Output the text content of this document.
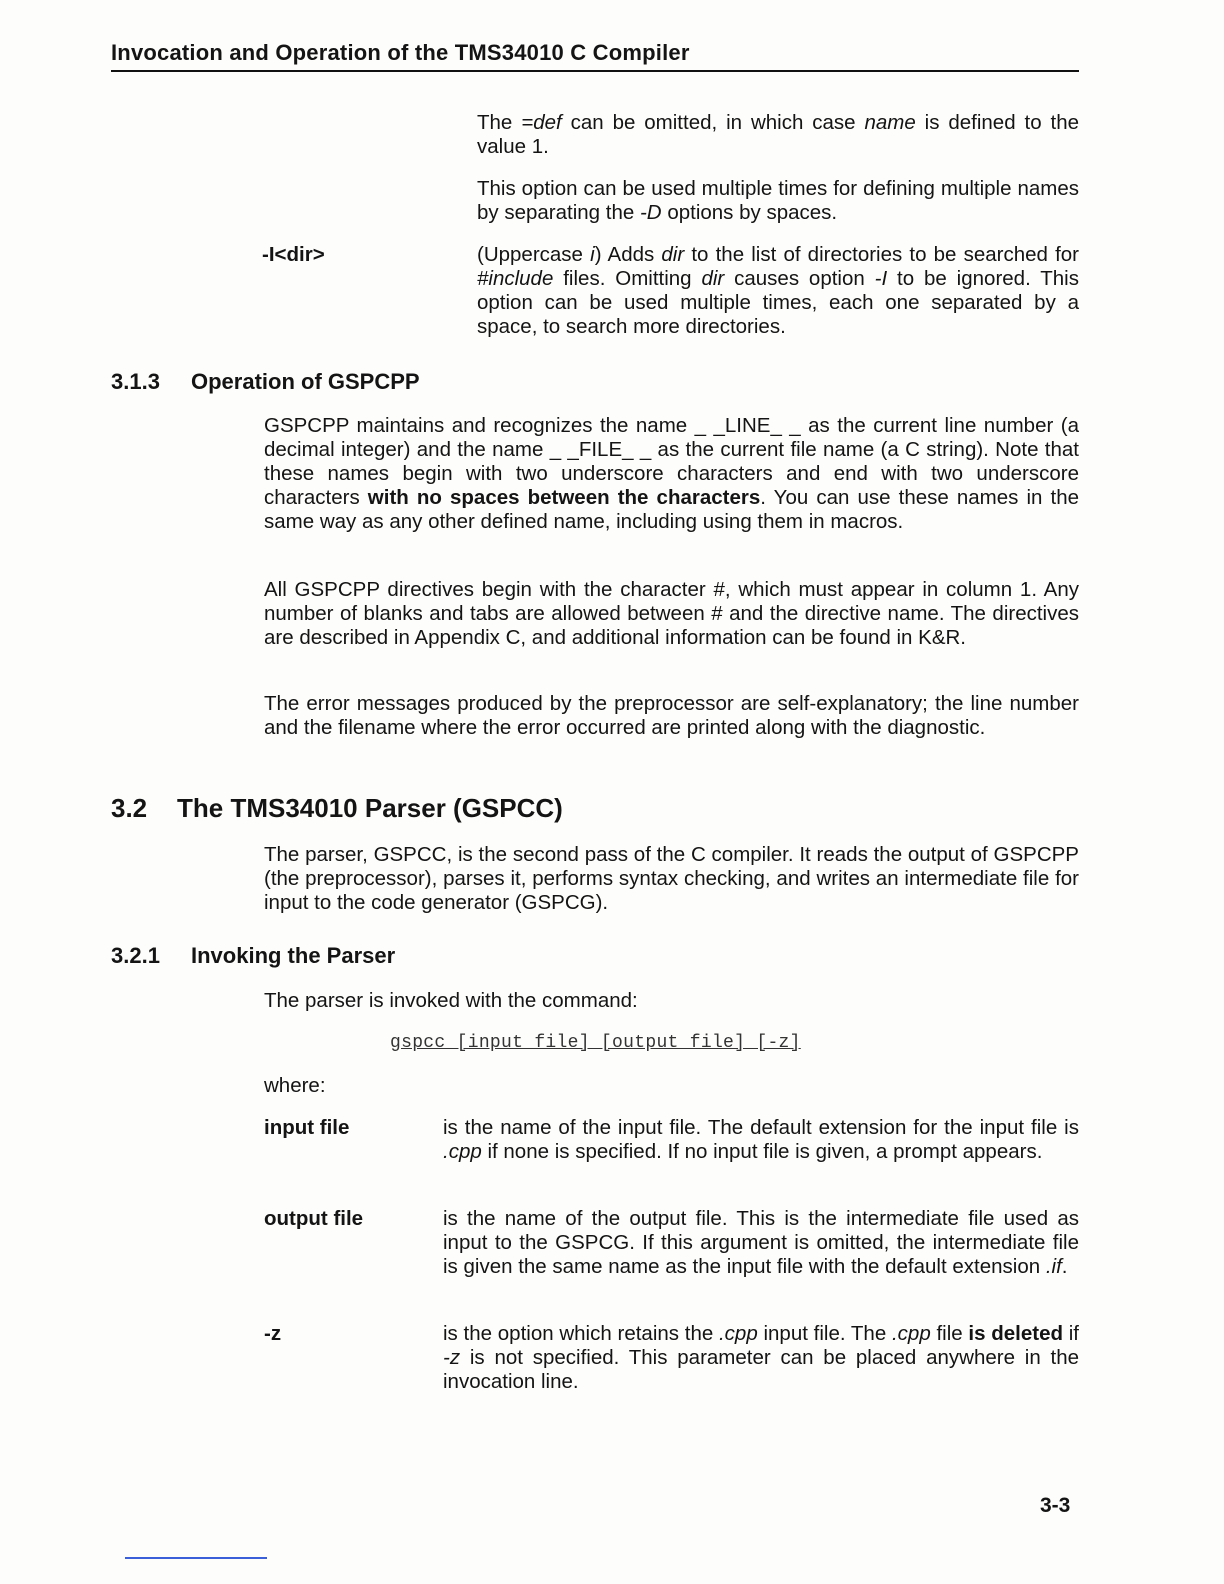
Invocation and Operation of the TMS34010 C Compiler

The =def can be omitted, in which case name is defined to the value 1.

This option can be used multiple times for defining multiple names by separating the -D options by spaces.

-I<dir>	(Uppercase i) Adds dir to the list of directories to be searched for #include files. Omitting dir causes option -I to be ignored. This option can be used multiple times, each one separated by a space, to search more directories.

3.1.3 Operation of GSPCPP

GSPCPP maintains and recognizes the name _ _LINE_ _ as the current line number (a decimal integer) and the name _ _FILE_ _ as the current file name (a C string). Note that these names begin with two underscore characters and end with two underscore characters with no spaces between the characters. You can use these names in the same way as any other defined name, including using them in macros.

All GSPCPP directives begin with the character #, which must appear in column 1. Any number of blanks and tabs are allowed between # and the directive name. The directives are described in Appendix C, and additional information can be found in K&R.

The error messages produced by the preprocessor are self-explanatory; the line number and the filename where the error occurred are printed along with the diagnostic.

3.2 The TMS34010 Parser (GSPCC)

The parser, GSPCC, is the second pass of the C compiler. It reads the output of GSPCPP (the preprocessor), parses it, performs syntax checking, and writes an intermediate file for input to the code generator (GSPCG).

3.2.1 Invoking the Parser

The parser is invoked with the command:

gspcc [input file] [output file] [-z]

where:

input file	is the name of the input file. The default extension for the input file is .cpp if none is specified. If no input file is given, a prompt appears.

output file	is the name of the output file. This is the intermediate file used as input to the GSPCG. If this argument is omitted, the intermediate file is given the same name as the input file with the default extension .if.

-z	is the option which retains the .cpp input file. The .cpp file is deleted if -z is not specified. This parameter can be placed anywhere in the invocation line.

3-3
